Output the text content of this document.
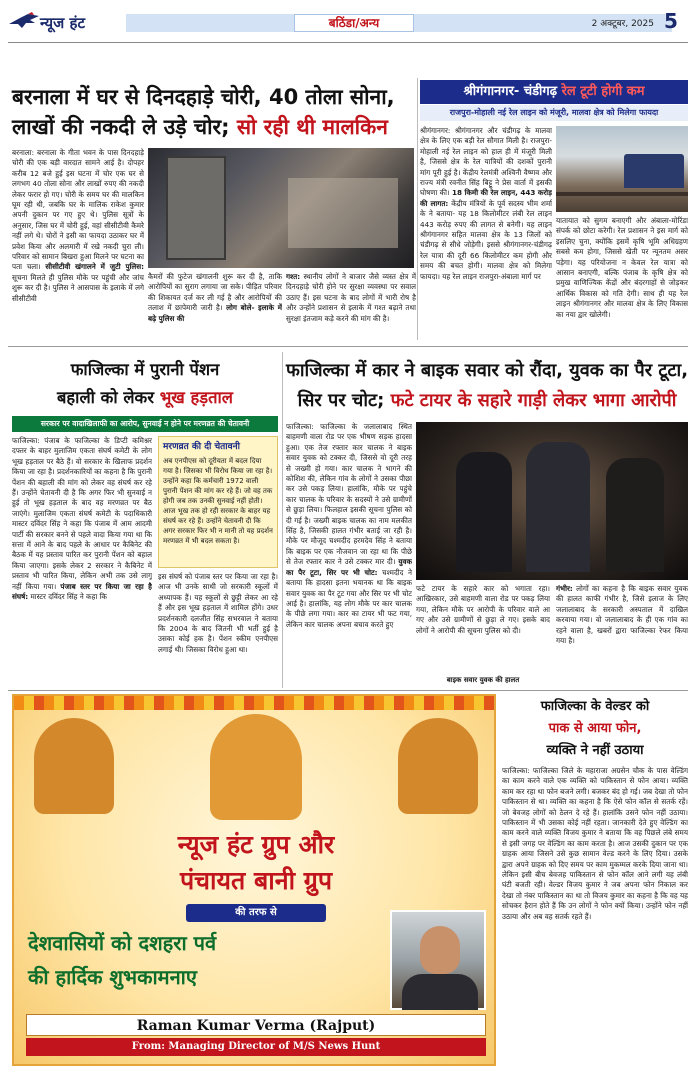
न्यूज हंट	बठिंडा/अन्य	2 अक्टूबर, 2025 5
बरनाला में घर से दिनदहाड़े चोरी, 40 तोला सोना,
लाखों की नकदी ले उड़े चोर; सो रही थी मालकिन
बरनाला: बरनाला के गीता भवन के पास दिनदहाड़े चोरी की एक बड़ी वारदात सामने आई है। दोपहर करीब 12 बजे हुई इस घटना में चोर एक घर से लगभग 40 तोला सोना और लाखों रुपए की नकदी लेकर फरार हो गए। चोरी के समय घर की मालकिन घूम रही थी, जबकि घर के मालिक राकेश कुमार अपनी दुकान पर गए हुए थे। पुलिस सूत्रों के अनुसार, जिस घर में चोरी हुई, वहां सीसीटीवी कैमरे नहीं लगे थे। चोरों ने इसी का फायदा उठाकर घर में प्रवेश किया और अलमारी में रखे नकदी चुरा ली। परिवार को सामान बिखरा हुआ मिलने पर घटना का पता चला। सीसीटीवी खंगालने में जुटी पुलिस: सूचना मिलते ही पुलिस मौके पर पहुंची और जांच शुरू कर दी है। पुलिस ने आसपास के इलाके में लगे सीसीटीवी
कैमरों की फुटेज खंगालनी शुरू कर दी है, ताकि आरोपियों का सुराग लगाया जा सके। पीड़ित परिवार की शिकायत दर्ज कर ली गई है और आरोपियों की तलाश में छापेमारी जारी है। लोग बोले- इलाके में बढ़े पुलिस की
गश्त: स्थानीय लोगों ने बाजार जैसे व्यस्त क्षेत्र में दिनदहाड़े चोरी होने पर सुरक्षा व्यवस्था पर सवाल उठाए हैं। इस घटना के बाद लोगों में भारी रोष है और उन्होंने प्रशासन से इलाके में गश्त बढ़ाने तथा सुरक्षा इंतजाम कड़े करने की मांग की है।
श्रीगंगानगर- चंडीगढ़ रेल टूटी होगी कम
राजपुरा-मोहाली नई रेल लाइन को मंजूरी, मालवा क्षेत्र को मिलेगा फायदा
श्रीगंगानगर: श्रीगंगानगर और चंडीगढ़ के मालवा क्षेत्र के लिए एक बड़ी रेल सौगात मिली है। राजपुरा-मोहाली नई रेल लाइन को हाल ही में मंजूरी मिली है, जिससे क्षेत्र के रेल यात्रियों की दशकों पुरानी मांग पूरी हुई है। केंद्रीय रेलमंत्री अश्विनी वैष्णव और राज्य मंत्री रवनीत सिंह बिट्टू ने प्रेस वार्ता में इसकी घोषणा की। 18 किमी की रेल लाइन, 443 करोड़ की लागत: केंद्रीय मंत्रियों के पूर्व सदस्य भीम शर्मा के ने बताया- यह 18 किलोमीटर लंबी रेल लाइन 443 करोड़ रुपए की लागत से बनेगी। यह लाइन श्रीगंगानगर सहित मालवा क्षेत्र के 13 जिलों को चंडीगढ़ से सीधे जोड़ेगी। इससे श्रीगंगानगर-चंडीगढ़ रेल यात्रा की दूरी 66 किलोमीटर कम होगी और समय की बचत होगी। मालवा क्षेत्र को मिलेगा फायदा। यह रेल लाइन राजपुरा-अंबाला मार्ग पर
यातायात को सुगम बनाएगी और अंबाला-मोरिंडा संपर्क को छोटा करेगी। रेल प्रशासन ने इस मार्ग को इसलिए चुना, क्योंकि इसमें कृषि भूमि अधिग्रहण सबसे कम होगा, जिससे खेती पर न्यूनतम असर पड़ेगा। यह परियोजना न केवल रेल यात्रा को आसान बनाएगी, बल्कि पंजाब के कृषि क्षेत्र को प्रमुख वाणिज्यिक केंद्रों और बंदरगाहों से जोड़कर आर्थिक विकास को गति देगी। साथ ही यह रेल लाइन श्रीगंगानगर और मालवा क्षेत्र के लिए विकास का नया द्वार खोलेगी।
फाजिल्का में पुरानी पेंशन
बहाली को लेकर भूख हड़ताल
सरकार पर वादाखिलाफी का आरोप, सुनवाई न होने पर मरणव्रत की चेतावनी
फाजिल्का: पंजाब के फाजिल्का के डिप्टी कमिश्नर दफ्तर के बाहर मुलाजिम एकता संघर्ष कमेटी के लोग भूख हड़ताल पर बैठे हैं। वो सरकार के खिलाफ प्रदर्शन किया जा रहा है। प्रदर्शनकारियों का कहना है कि पुरानी पेंशन की बहाली की मांग को लेकर वह संघर्ष कर रहे हैं। उन्होंने चेतावनी दी है कि अगर फिर भी सुनवाई न हुई तो भूख हड़ताल के बाद वह मरणव्रत पर बैठ जाएंगे। मुलाजिम एकता संघर्ष कमेटी के पदाधिकारी मास्टर दविंदर सिंह ने कहा कि पंजाब में आम आदमी पार्टी की सरकार बनने से पहले वादा किया गया था कि सत्ता में आने के बाद पहले के आधार पर कैबिनेट की बैठक में यह प्रस्ताव पारित कर पुरानी पेंशन को बहाल किया जाएगा। इसके लेकर 2 सरकार ने कैबिनेट में प्रस्ताव भी पारित किया, लेकिन अभी तक उसे लागू नहीं किया गया। पंजाब स्तर पर किया जा रहा है संघर्ष: मास्टर दविंदर सिंह ने कहा कि
मरणव्रत की दी चेतावनी
अब एनपीएस को दूरीयता में बदल दिया गया है। जिसका भी विरोध किया जा रहा है। उन्होंने कहा कि कर्मचारी 1972 वाली पुरानी पेंशन की मांग कर रहे हैं। जो वह तक होगी जब तक उनकी सुनवाई नहीं होती। आज भूख तक हो रही सरकार के बाहर यह संघर्ष कर रहे हैं। उन्होंने चेतावनी दी कि अगर सरकार फिर भी न मानी तो यह प्रदर्शन मरणव्रत में भी बदल सकता है।
इस संघर्ष को पंजाब स्तर पर किया जा रहा है। आज भी उनके साथी जो सरकारी स्कूलों में अध्यापक हैं। यह स्कूलों से छुट्टी लेकर आ रहे हैं और इस भूख हड़ताल में शामिल होंगे। उधर प्रदर्शनकारी दलजीत सिंह सभरवाल ने बताया कि 2004 के बाद जितनी भी भर्ती हुई है उसका कोई हक है। पेंशन स्कीम एनपीएस लगाई थी। जिसका विरोध हुआ था।
फाजिल्का में कार ने बाइक सवार को रौंदा, युवक का पैर टूटा,
सिर पर चोट; फटे टायर के सहारे गाड़ी लेकर भागा आरोपी
फाजिल्का: फाजिल्का के जलालाबाद स्थित बाहमणी वाला रोड पर एक भीषण सड़क हादसा हुआ। एक तेज रफ्तार कार चालक ने बाइक सवार युवक को टक्कर दी, जिससे वो दूरी तरह से जख्मी हो गया। कार चालक ने भागने की कोशिश की, लेकिन गांव के लोगों ने उसका पीछा कर उसे पकड़ लिया। हालांकि, मौके पर पहुंचे कार चालक के परिवार के सदस्यों ने उसे ग्रामीणों से छुड़ा लिया। फिलहाल इसकी सूचना पुलिस को दी गई है। जख्मी बाइक चालक का नाम मलकीत सिंह है, जिसकी हालत गंभीर बताई जा रही है। मौके पर मौजूद चश्मदीद हरमदेव सिंह ने बताया कि बाइक पर एक नौजवान जा रहा था कि पीछे से तेज रफ्तार कार ने उसे टक्कर मार दी। युवक का पैर टूटा, सिर पर भी चोट: चश्मदीद ने बताया कि हादसा इतना भयानक था कि बाइक सवार युवक का पैर टूट गया और सिर पर भी चोट आई है। हालांकि, यह लोग मौके पर कार चालक के पीछे लगा गया। कार का टायर भी फट गया, लेकिन कार चालक अपना बचाव करते हुए
फटे टायर के सहारे कार को भगाता रहा। आखिरकार, उसे बाहमणी वाला रोड पर पकड़ लिया गया, लेकिन मौके पर आरोपी के परिवार वाले आ गए और उसे ग्रामीणों से छुड़ा ले गए। इसके बाद लोगों ने आरोपी की सूचना पुलिस को दी।
बाइक सवार युवक की हालत
गंभीर: लोगों का कहना है कि बाइक सवार युवक की हालत काफी गंभीर है, जिसे इलाज के लिए जलालाबाद के सरकारी अस्पताल में दाखिल करवाया गया। वो जलालाबाद के ही एक गांव का रहने वाला है, खबरों द्वारा फाजिल्का रेफर किया गया है।
न्यूज हंट ग्रुप और
पंचायत बानी ग्रुप
की तरफ से
देशवासियों को दशहरा पर्व
की हार्दिक शुभकामनाए
Raman Kumar Verma (Rajput)
From: Managing Director of M/S News Hunt
फाजिल्का के वेल्डर को
पाक से आया फोन,
व्यक्ति ने नहीं उठाया
फाजिल्का: फाजिल्का जिले के महाराजा अग्रसेन चौक के पास वेल्डिंग का काम करने वाले एक व्यक्ति को पाकिस्तान से फोन आया। व्यक्ति काम कर रहा था फोन बजने लगी। बजकर बंद हो गई। जब देखा तो फोन पाकिस्तान से था। व्यक्ति का कहना है कि ऐसे फोन कॉल से सतर्क रहें। जो बेवजह लोगों को ठेलन दे रहे हैं। हालांकि उसने फोन नहीं उठाया। पाकिस्तान में भी उसका कोई नहीं रहता। जानकारी देते हुए वेल्डिंग का काम करने वाले व्यक्ति विजय कुमार ने बताया कि वह पिछले लंबे समय से इसी जगह पर वेल्डिंग का काम करता है। आज उसकी दुकान पर एक ग्राहक आया जिसने उसे कुछ सामान वेल्ड करने के लिए दिया। उसके द्वारा अपने ग्राहक को दिए समय पर काम मुकम्मल करके दिया जाना था। लेकिन इसी बीच बेवजह पाकिस्तान से फोन कॉल आने लगी यह लंबी घंटी बजती रही। वेल्डर विजय कुमार ने जब अपना फोन निकाल कर देखा तो नंबर पाकिस्तान का था तो विजय कुमार का कहना है कि वह यह सोचकर हैरान होते हैं कि उन लोगों ने फोन क्यों किया। उन्होंने फोन नहीं उठाया और अब वह सतर्क रहते हैं।
